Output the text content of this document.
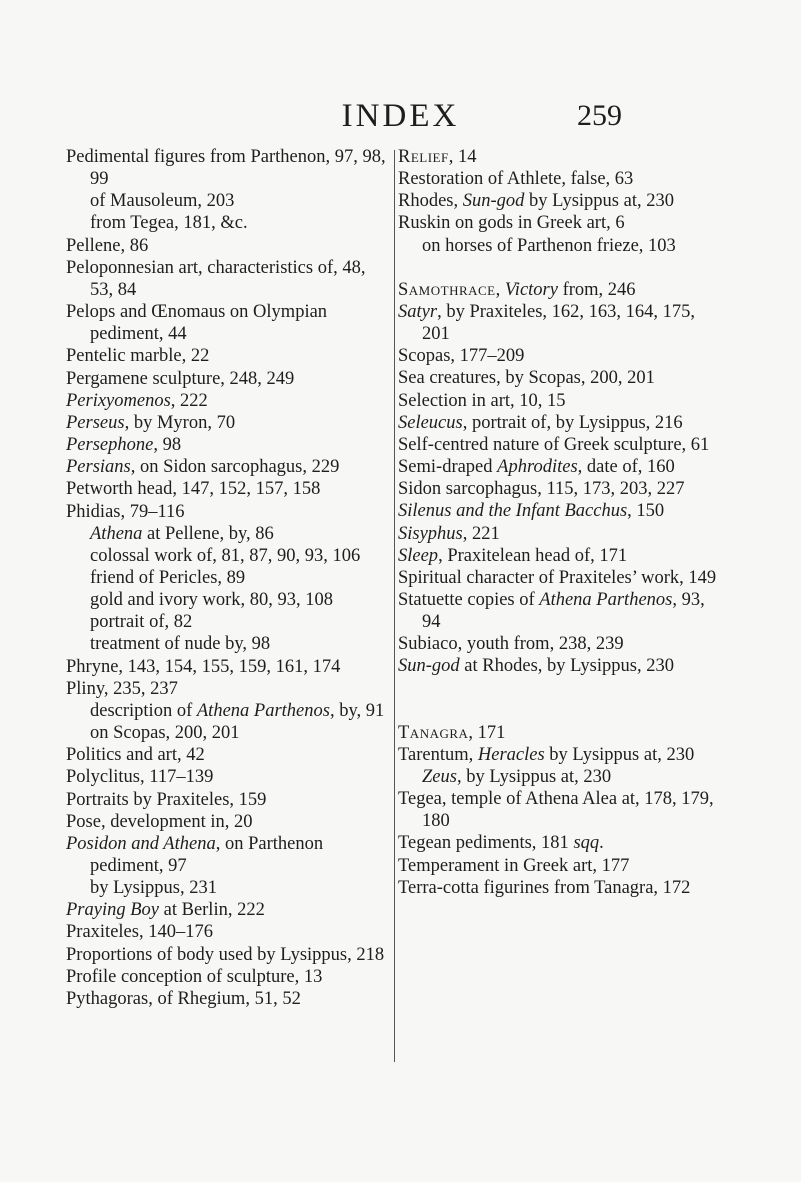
INDEX	259

Pedimental figures from Parthenon, 97, 98, 99

of Mausoleum, 203

from Tegea, 181, &c.

Pellene, 86

Peloponnesian art, characteristics of, 48, 53, 84

Pelops and Œnomaus on Olympian pediment, 44

Pentelic marble, 22

Pergamene sculpture, 248, 249

Perixyomenos, 222

Perseus, by Myron, 70

Persephone, 98

Persians, on Sidon sarcophagus, 229

Petworth head, 147, 152, 157, 158

Phidias, 79–116

Athena at Pellene, by, 86

colossal work of, 81, 87, 90, 93, 106

friend of Pericles, 89

gold and ivory work, 80, 93, 108

portrait of, 82

treatment of nude by, 98

Phryne, 143, 154, 155, 159, 161, 174

Pliny, 235, 237

description of Athena Parthenos, by, 91

on Scopas, 200, 201

Politics and art, 42

Polyclitus, 117–139

Portraits by Praxiteles, 159

Pose, development in, 20

Posidon and Athena, on Parthenon pediment, 97

by Lysippus, 231

Praying Boy at Berlin, 222

Praxiteles, 140–176

Proportions of body used by Lysippus, 218

Profile conception of sculpture, 13

Pythagoras, of Rhegium, 51, 52

Relief, 14

Restoration of Athlete, false, 63

Rhodes, Sun-god by Lysippus at, 230

Ruskin on gods in Greek art, 6

on horses of Parthenon frieze, 103

Samothrace, Victory from, 246

Satyr, by Praxiteles, 162, 163, 164, 175, 201

Scopas, 177–209

Sea creatures, by Scopas, 200, 201

Selection in art, 10, 15

Seleucus, portrait of, by Lysippus, 216

Self-centred nature of Greek sculpture, 61

Semi-draped Aphrodites, date of, 160

Sidon sarcophagus, 115, 173, 203, 227

Silenus and the Infant Bacchus, 150

Sisyphus, 221

Sleep, Praxitelean head of, 171

Spiritual character of Praxiteles’ work, 149

Statuette copies of Athena Parthenos, 93, 94

Subiaco, youth from, 238, 239

Sun-god at Rhodes, by Lysippus, 230

Tanagra, 171

Tarentum, Heracles by Lysippus at, 230

Zeus, by Lysippus at, 230

Tegea, temple of Athena Alea at, 178, 179, 180

Tegean pediments, 181 sqq.

Temperament in Greek art, 177

Terra-cotta figurines from Tanagra, 172
